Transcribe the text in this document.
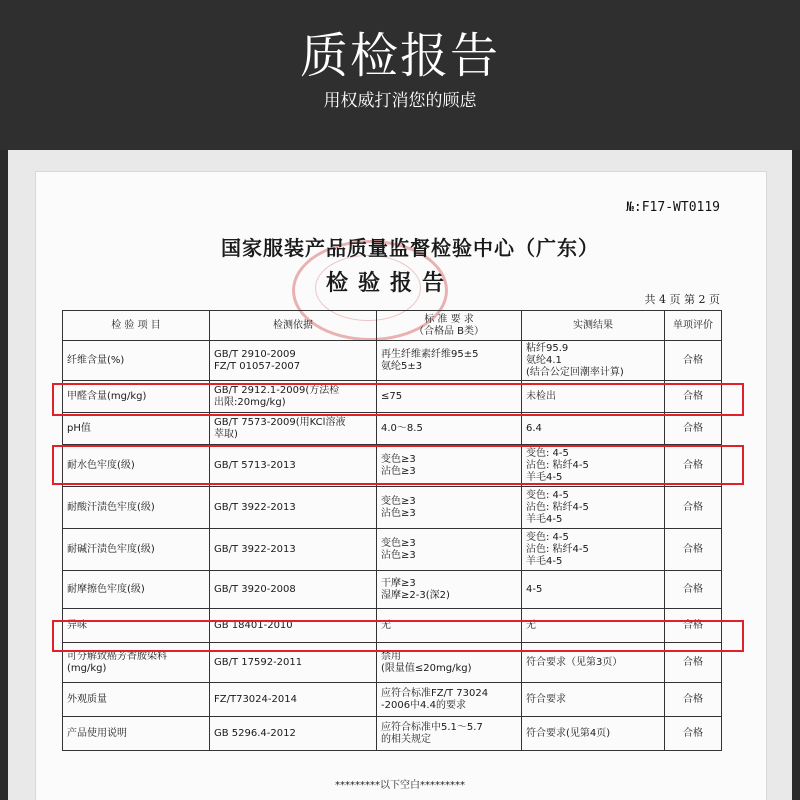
质检报告
用权威打消您的顾虑
№:F17-WT0119
国家服装产品质量监督检验中心（广东）
检验报告
共 4 页 第 2 页
检 验 项 目	检测依据	标 准 要 求
（合格品 B类）	实测结果	单项评价
纤维含量(%)	GB/T 2910-2009
FZ/T 01057-2007	再生纤维素纤维95±5
氨纶5±3	粘纤95.9
氨纶4.1
(结合公定回潮率计算)	合格
甲醛含量(mg/kg)	GB/T 2912.1-2009(方法检
出限:20mg/kg)	≤75	未检出	合格
pH值	GB/T 7573-2009(用KCl溶液
萃取)	4.0～8.5	6.4	合格
耐水色牢度(级)	GB/T 5713-2013	变色≥3
沾色≥3	变色: 4-5
沾色: 粘纤4-5
羊毛4-5	合格
耐酸汗渍色牢度(级)	GB/T 3922-2013	变色≥3
沾色≥3	变色: 4-5
沾色: 粘纤4-5
羊毛4-5	合格
耐碱汗渍色牢度(级)	GB/T 3922-2013	变色≥3
沾色≥3	变色: 4-5
沾色: 粘纤4-5
羊毛4-5	合格
耐摩擦色牢度(级)	GB/T 3920-2008	干摩≥3
湿摩≥2-3(深2)	4-5	合格
异味	GB 18401-2010	无	无	合格
可分解致癌芳香胺染料
(mg/kg)	GB/T 17592-2011	禁用
(限量值≤20mg/kg)	符合要求（见第3页）	合格
外观质量	FZ/T73024-2014	应符合标准FZ/T 73024
-2006中4.4的要求	符合要求	合格
产品使用说明	GB 5296.4-2012	应符合标准中5.1～5.7
的相关规定	符合要求(见第4页)	合格
*********以下空白*********
